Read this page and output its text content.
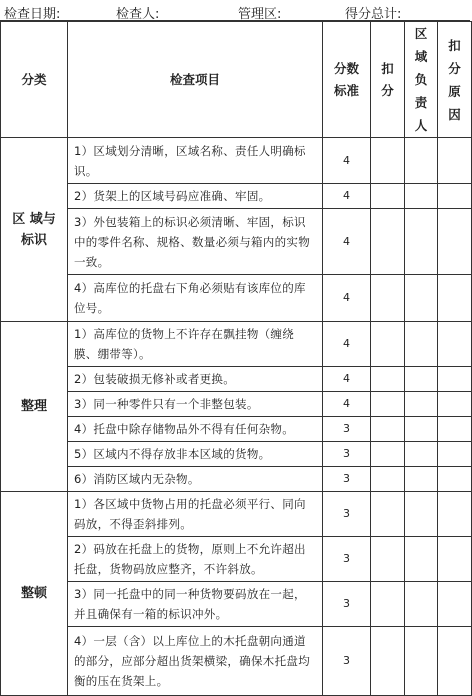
检查日期:	检查人:	管理区:	得分总计:
分类	检查项目	分数标准	扣分	区域负责人	扣分原因

区 域与标识	1）区域划分清晰，区域名称、责任人明确标识。	4			
	2）货架上的区域号码应准确、牢固。	4			
	3）外包装箱上的标识必须清晰、牢固，标识中的零件名称、规格、数量必须与箱内的实物一致。	4			
	4）高库位的托盘右下角必须贴有该库位的库位号。	4			
整理	1）高库位的货物上不许存在飘挂物（缠绕膜、绷带等）。	4			
	2）包装破损无修补或者更换。	4			
	3）同一种零件只有一个非整包装。	4			
	4）托盘中除存储物品外不得有任何杂物。	3			
	5）区域内不得存放非本区域的货物。	3			
	6）消防区域内无杂物。	3			
整顿	1）各区域中货物占用的托盘必须平行、同向码放，不得歪斜排列。	3			
	2）码放在托盘上的货物，原则上不允许超出托盘，货物码放应整齐，不许斜放。	3			
	3）同一托盘中的同一种货物要码放在一起，并且确保有一箱的标识冲外。	3			
	4）一层（含）以上库位上的木托盘朝向通道的部分，应部分超出货架横梁，确保木托盘均衡的压在货架上。	3			
